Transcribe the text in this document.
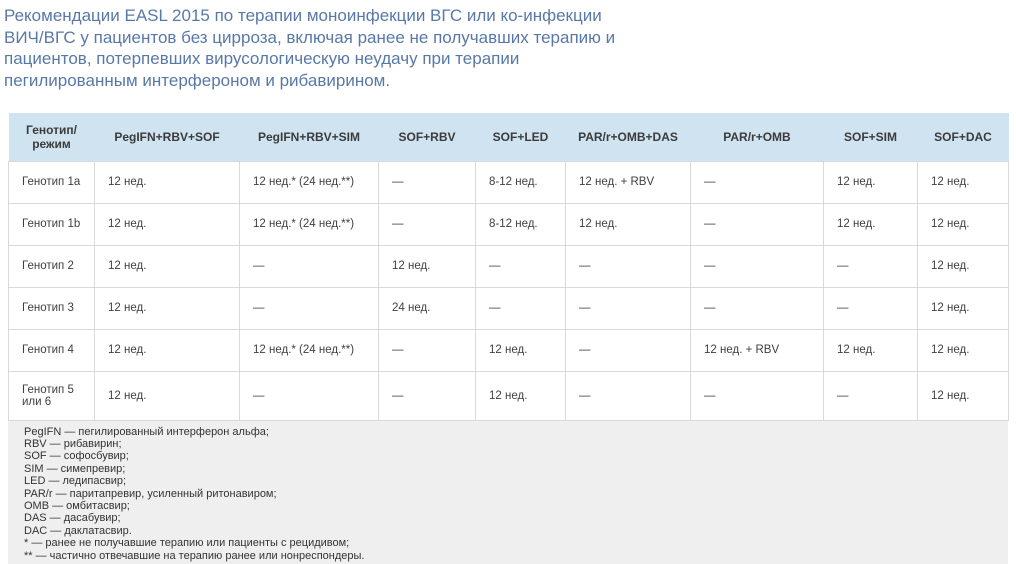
Рекомендации EASL 2015 по терапии моноинфекции ВГС или ко-инфекции ВИЧ/ВГС у пациентов без цирроза, включая ранее не получавших терапию и пациентов, потерпевших вирусологическую неудачу при терапии пегилированным интерфероном и рибавирином.

Генотип/ режим	PegIFN+RBV+SOF	PegIFN+RBV+SIM	SOF+RBV	SOF+LED	PAR/r+OMB+DAS	PAR/r+OMB	SOF+SIM	SOF+DAC
Генотип 1a	12 нед.	12 нед.* (24 нед.**)	—	8-12 нед.	12 нед. + RBV	—	12 нед.	12 нед.
Генотип 1b	12 нед.	12 нед.* (24 нед.**)	—	8-12 нед.	12 нед.	—	12 нед.	12 нед.
Генотип 2	12 нед.	—	12 нед.	—	—	—	—	12 нед.
Генотип 3	12 нед.	—	24 нед.	—	—	—	—	12 нед.
Генотип 4	12 нед.	12 нед.* (24 нед.**)	—	12 нед.	—	12 нед. + RBV	12 нед.	12 нед.
Генотип 5 или 6	12 нед.	—	—	12 нед.	—	—	—	12 нед.
PegIFN — пегилированный интерферон альфа;
RBV — рибавирин;
SOF — софосбувир;
SIM — симепревир;
LED — ледипасвир;
PAR/r — паритапревир, усиленный ритонавиром;
OMB — омбитасвир;
DAS — дасабувир;
DAC — даклатасвир.
* — ранее не получавшие терапию или пациенты с рецидивом;
** — частично отвечавшие на терапию ранее или нонреспондеры.
